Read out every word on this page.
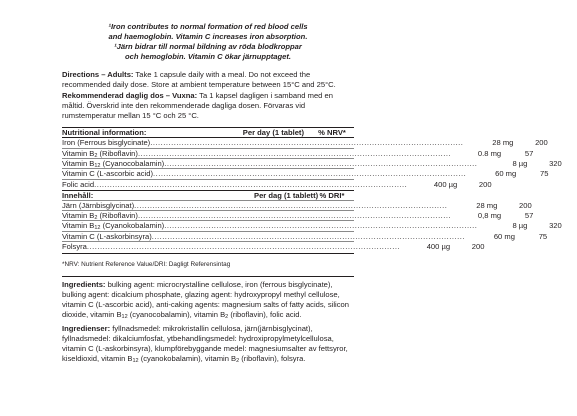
¹Iron contributes to normal formation of red blood cells

and haemoglobin. Vitamin C increases iron absorption.

¹Järn bidrar till normal bildning av röda blodkroppar

och hemoglobin. Vitamin C ökar järnupptaget.

Directions – Adults: Take 1 capsule daily with a meal. Do not exceed the recommended daily dose. Store at ambient temperature between 15°C and 25°C. Rekommenderad daglig dos – Vuxna: Ta 1 kapsel dagligen i samband med en måltid. Överskrid inte den rekommenderade dagliga dosen. Förvaras vid rumstemperatur mellan 15 °C och 25 °C.
Nutritional information:	Per day (1 tablet)	% NRV*
Iron (Ferrous bisglycinate) ........................................................................................................................	28 mg	200
Vitamin $B_2$ (Riboflavin) ........................................................................................................................	0.8 mg	57
Vitamin $B_{12}$ (Cyanocobalamin) ........................................................................................................................	8 µg	320
Vitamin C (L-ascorbic acid) ........................................................................................................................	60 mg	75
Folic acid ........................................................................................................................	400 µg	200
Innehåll:	Per dag (1 tablett) % DRI*
Järn (Järnbisglycinat) ........................................................................................................................	28 mg	200
Vitamin $B_2$ (Riboflavin) ........................................................................................................................	0,8 mg	57
Vitamin $B_{12}$ (Cyanokobalamin) ........................................................................................................................	8 µg	320
Vitamin C (L-askorbinsyra) ........................................................................................................................	60 mg	75
Folsyra ........................................................................................................................	400 µg	200
*NRV: Nutrient Reference Value/DRI: Dagligt Referensintag
Ingredients: bulking agent: microcrystalline cellulose, iron (ferrous bisglycinate), bulking agent: dicalcium phosphate, glazing agent: hydroxypropyl methyl cellulose, vitamin C (L-ascorbic acid), anti-caking agents: magnesium salts of fatty acids, silicon dioxide, vitamin $B_{12}$ (cyanocobalamin), vitamin $B_2$ (riboflavin), folic acid.
Ingredienser: fyllnadsmedel: mikrokristallin cellulosa, järn(järnbisglycinat), fyllnadsmedel: dikalciumfosfat, ytbehandlingsmedel: hydroxipropylmetylcellulosa, vitamin C (L-askorbinsyra), klumpförebyggande medel: magnesiumsalter av fettsyror, kiseldioxid, vitamin $B_{12}$ (cyanokobalamin), vitamin $B_2$ (riboflavin), folsyra.
